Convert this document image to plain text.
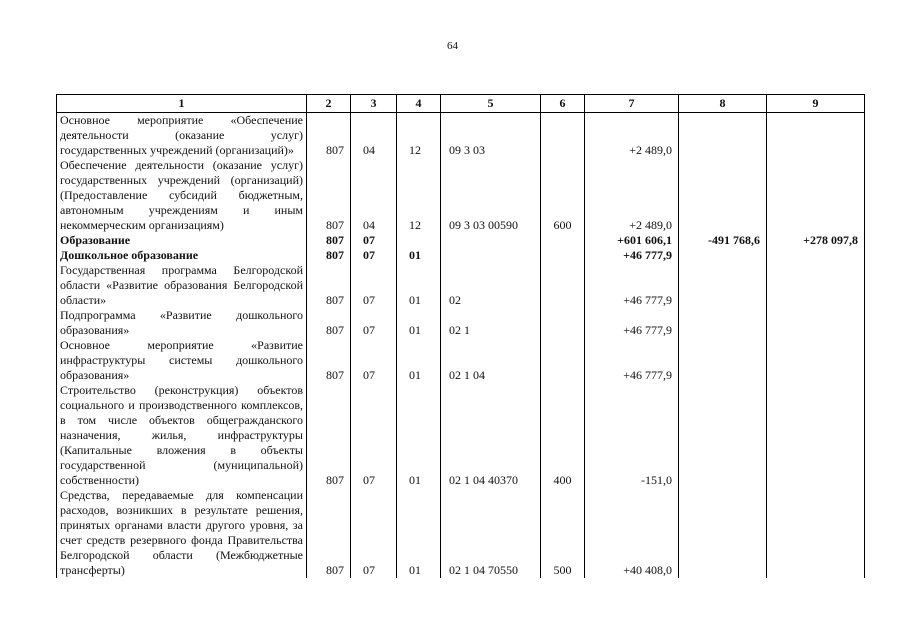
64
1	2	3	4	5	6	7	8	9
Основное мероприятие «Обеспечение деятельности (оказание услуг) государственных учреждений (организаций)»	807	04	12	09 3 03		+2 489,0		
Обеспечение деятельности (оказание услуг) государственных учреждений (организаций) (Предоставление субсидий бюджетным, автономным учреждениям и иным некоммерческим организациям)	807	04	12	09 3 03 00590	600	+2 489,0		
Образование	807	07				+601 606,1	-491 768,6	+278 097,8
Дошкольное образование	807	07	01			+46 777,9		
Государственная программа Белгородской области «Развитие образования Белгородской области»	807	07	01	02		+46 777,9		
Подпрограмма «Развитие дошкольного образования»	807	07	01	02 1		+46 777,9		
Основное мероприятие «Развитие инфраструктуры системы дошкольного образования»	807	07	01	02 1 04		+46 777,9		
Строительство (реконструкция) объектов социального и производственного комплексов, в том числе объектов общегражданского назначения, жилья, инфраструктуры (Капитальные вложения в объекты государственной (муниципальной) собственности)	807	07	01	02 1 04 40370	400	-151,0		
Средства, передаваемые для компенсации расходов, возникших в результате решения, принятых органами власти другого уровня, за счет средств резервного фонда Правительства Белгородской области (Межбюджетные трансферты)	807	07	01	02 1 04 70550	500	+40 408,0		
